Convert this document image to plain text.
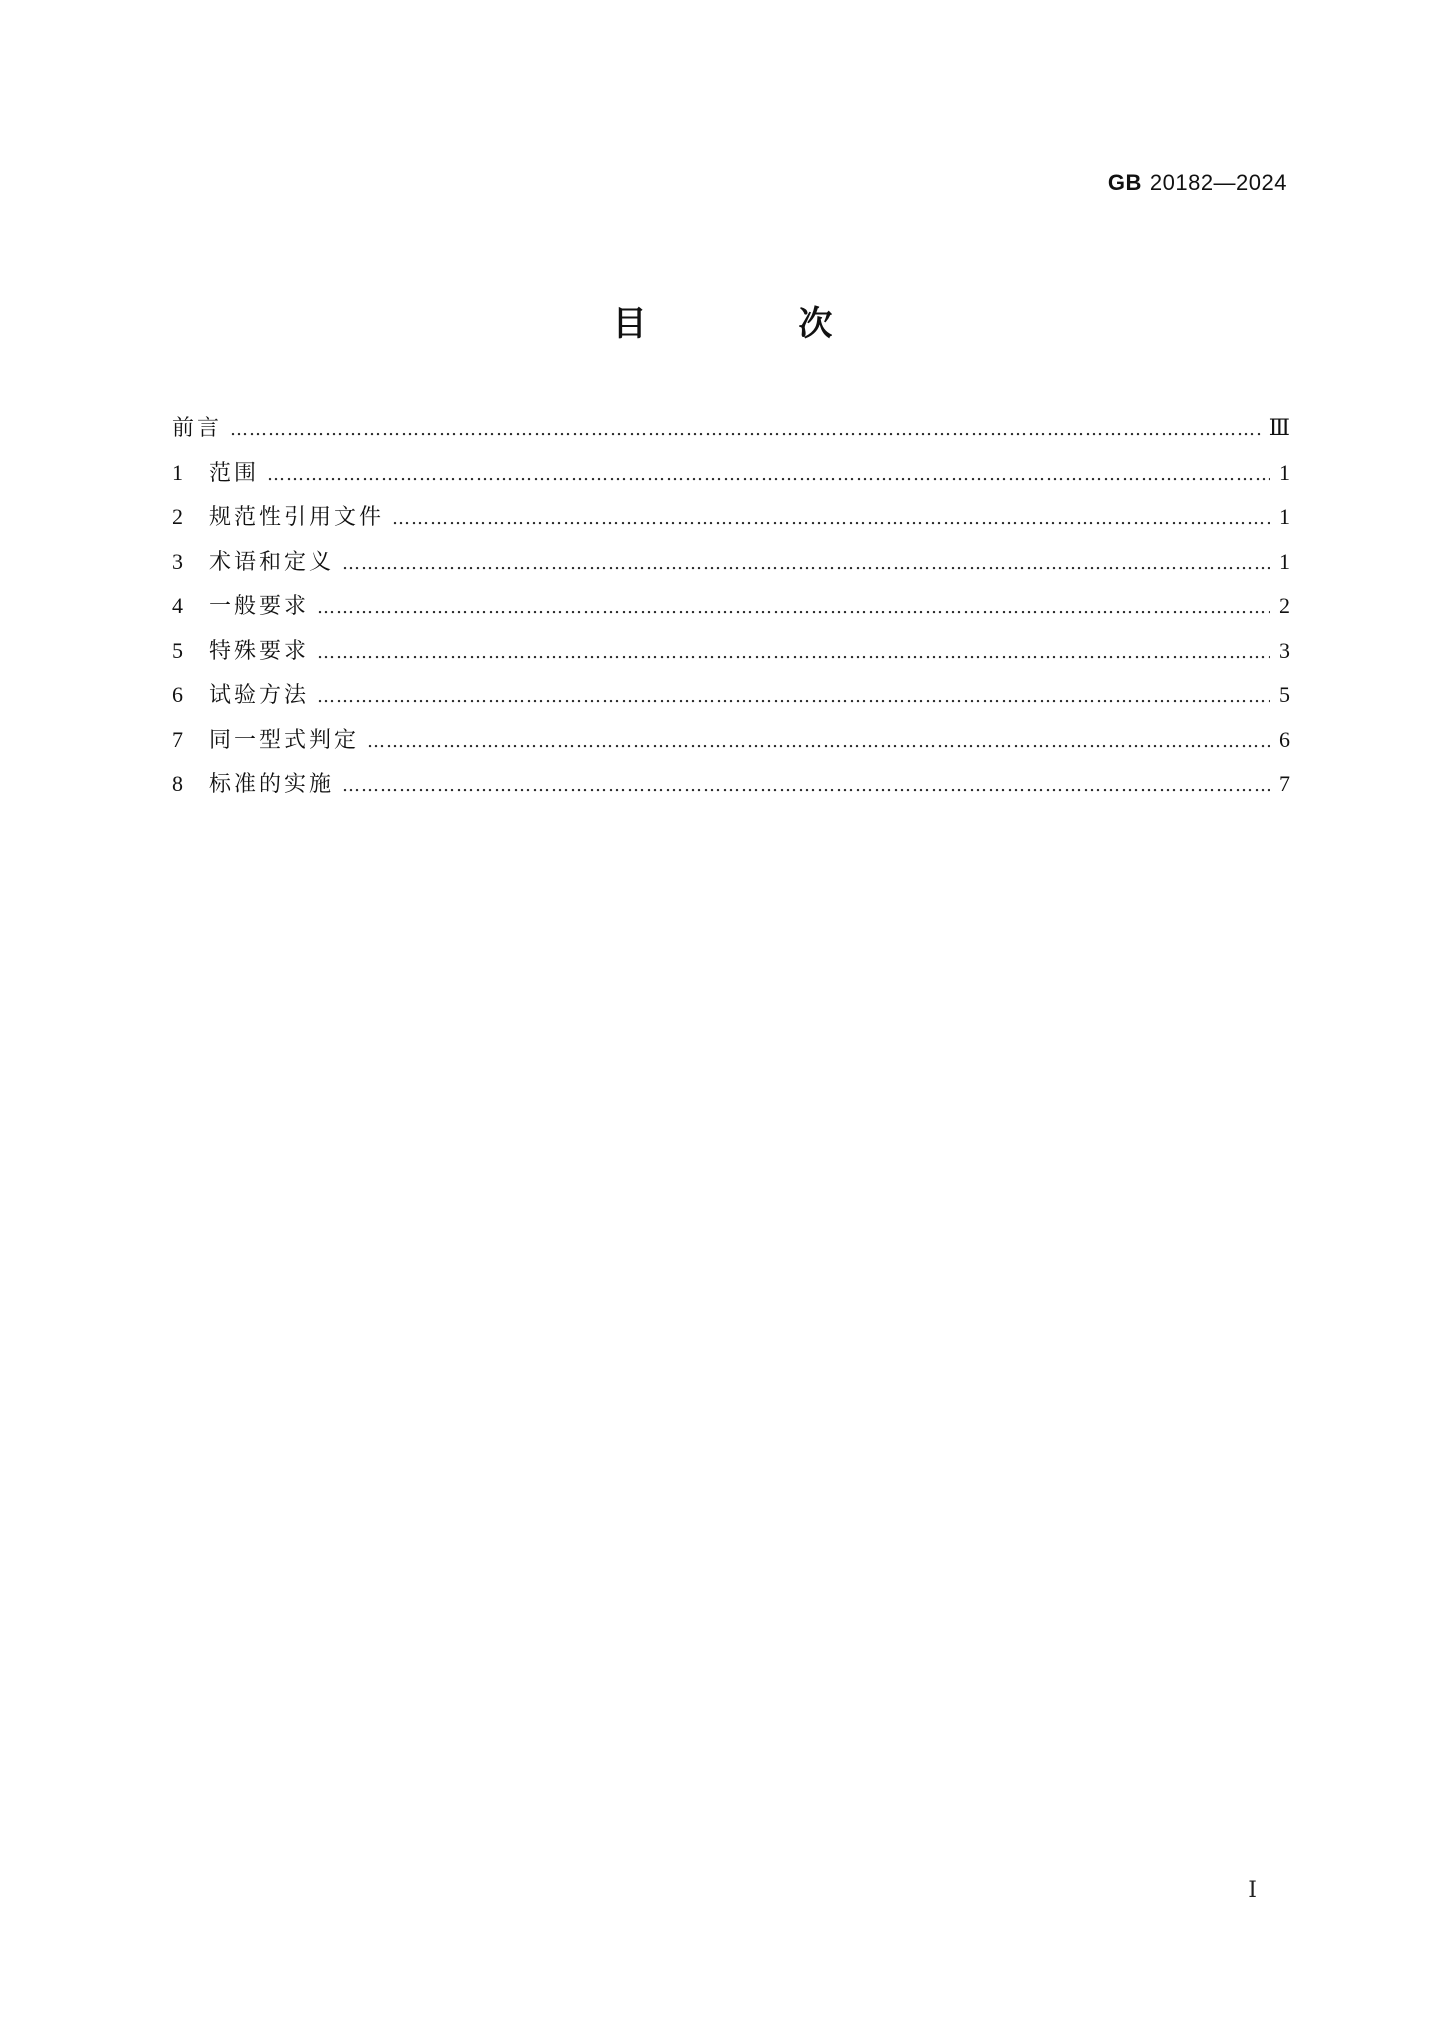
GB 20182—2024
目 次
前言 ………………………………………………………………………………………………………………………………………………………………………………………………………………	Ⅲ
1	范围 ………………………………………………………………………………………………………………………………………………………………………………………………………………	1
2	规范性引用文件 ………………………………………………………………………………………………………………………………………………………………………………………………………………	1
3	术语和定义 ………………………………………………………………………………………………………………………………………………………………………………………………………………	1
4	一般要求 ………………………………………………………………………………………………………………………………………………………………………………………………………………	2
5	特殊要求 ………………………………………………………………………………………………………………………………………………………………………………………………………………	3
6	试验方法 ………………………………………………………………………………………………………………………………………………………………………………………………………………	5
7	同一型式判定 ………………………………………………………………………………………………………………………………………………………………………………………………………………	6
8	标准的实施 ………………………………………………………………………………………………………………………………………………………………………………………………………………	7
Ⅰ
